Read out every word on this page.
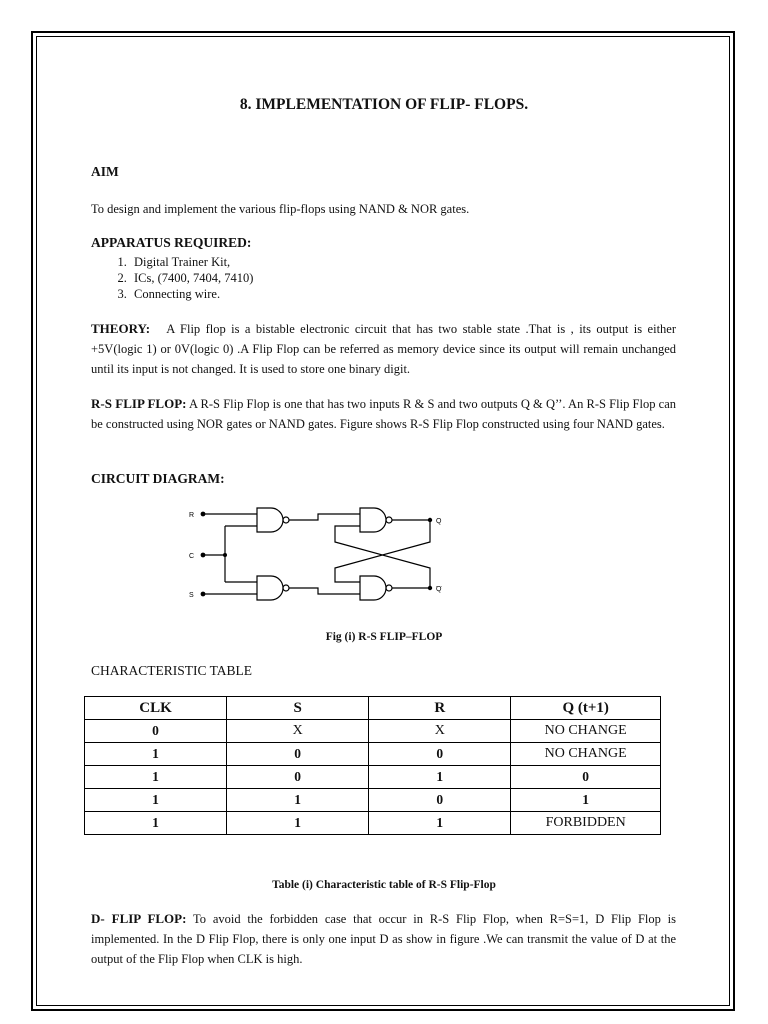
8. IMPLEMENTATION OF FLIP- FLOPS.
AIM
To design and implement the various flip-flops using NAND & NOR gates.
APPARATUS REQUIRED:
1. Digital Trainer Kit,
2. ICs, (7400, 7404, 7410)
3. Connecting wire.
THEORY: A Flip flop is a bistable electronic circuit that has two stable state .That is , its output is either +5V(logic 1) or 0V(logic 0) .A Flip Flop can be referred as memory device since its output will remain unchanged until its input is not changed. It is used to store one binary digit.
R-S FLIP FLOP: A R-S Flip Flop is one that has two inputs R & S and two outputs Q & Q’’. An R-S Flip Flop can be constructed using NOR gates or NAND gates. Figure shows R-S Flip Flop constructed using four NAND gates.
CIRCUIT DIAGRAM:
R
C
S
Q
Q
Fig (i) R-S FLIP–FLOP
CHARACTERISTIC TABLE
CLK	S	R	Q (t+1)
0	X	X	NO CHANGE
1	0	0	NO CHANGE
1	0	1	0
1	1	0	1
1	1	1	FORBIDDEN
Table (i) Characteristic table of R-S Flip-Flop
D- FLIP FLOP: To avoid the forbidden case that occur in R-S Flip Flop, when R=S=1, D Flip Flop is implemented. In the D Flip Flop, there is only one input D as show in figure .We can transmit the value of D at the output of the Flip Flop when CLK is high.
